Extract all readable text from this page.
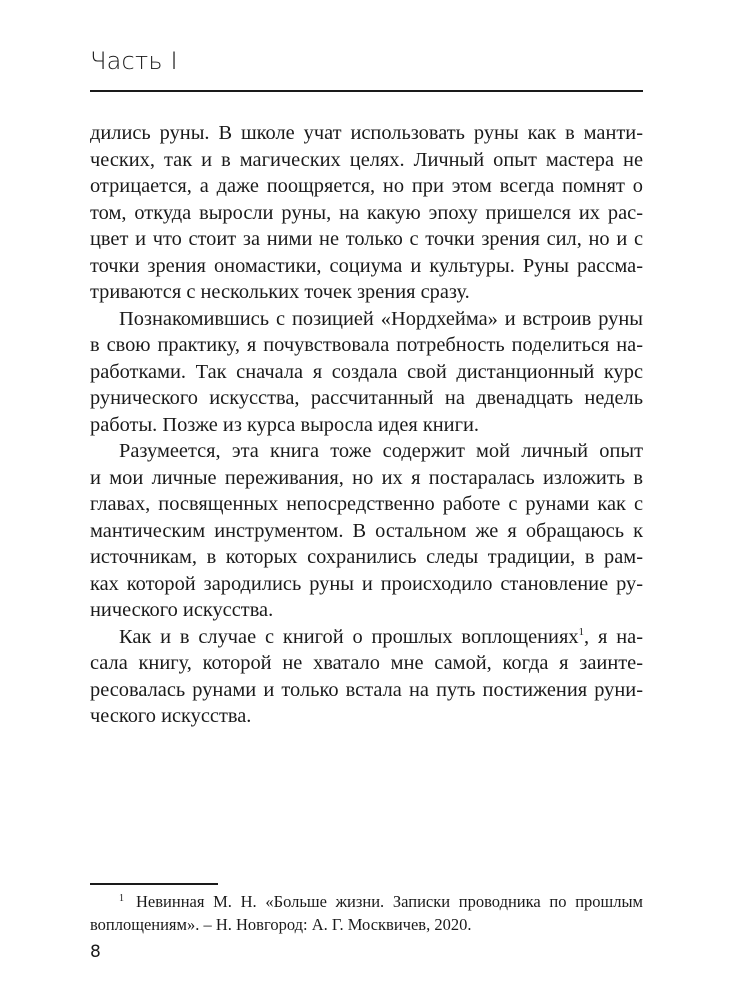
Часть I
дились руны. В школе учат использовать руны как в манти-
ческих, так и в магических целях. Личный опыт мастера не
отрицается, а даже поощряется, но при этом всегда помнят о
том, откуда выросли руны, на какую эпоху пришелся их рас-
цвет и что стоит за ними не только с точки зрения сил, но и с
точки зрения ономастики, социума и культуры. Руны рассма-
триваются с нескольких точек зрения сразу.
Познакомившись с позицией «Нордхейма» и встроив руны
в свою практику, я почувствовала потребность поделиться на-
работками. Так сначала я создала свой дистанционный курс
рунического искусства, рассчитанный на двенадцать недель
работы. Позже из курса выросла идея книги.
Разумеется, эта книга тоже содержит мой личный опыт
и мои личные переживания, но их я постаралась изложить в
главах, посвященных непосредственно работе с рунами как с
мантическим инструментом. В остальном же я обращаюсь к
источникам, в которых сохранились следы традиции, в рам-
ках которой зародились руны и происходило становление ру-
нического искусства.
Как и в случае с книгой о прошлых воплощениях$^1$, я на-
сала книгу, которой не хватало мне самой, когда я заинте-
ресовалась рунами и только встала на путь постижения руни-
ческого искусства.
$^1$ Невинная М. Н. «Больше жизни. Записки проводника по прошлым
воплощениям». – Н. Новгород: А. Г. Москвичев, 2020.
8
